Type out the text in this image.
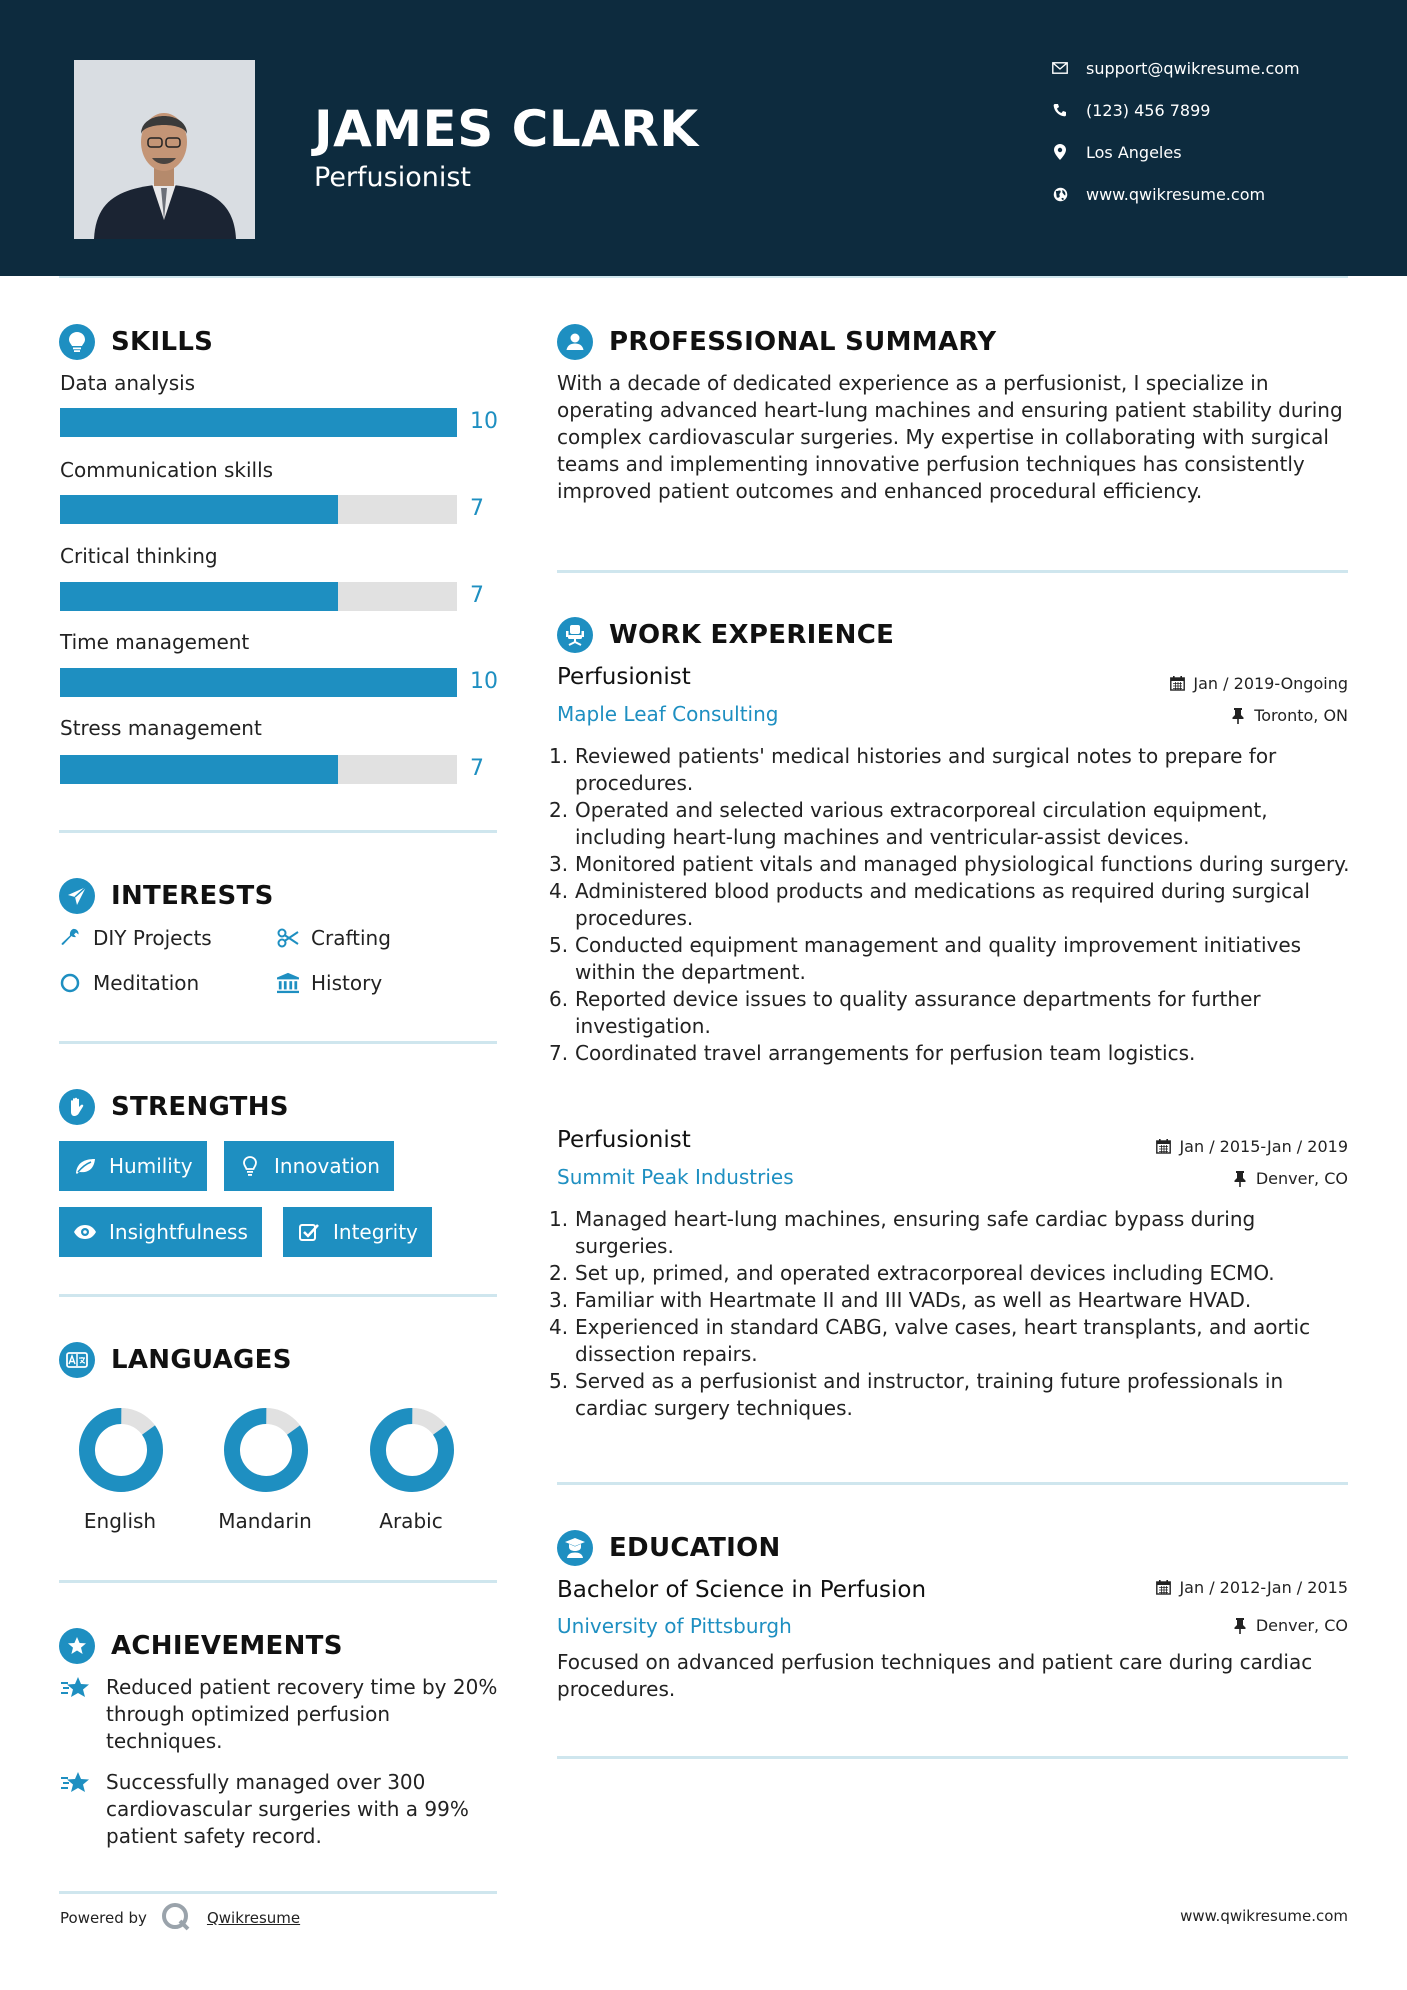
JAMES CLARK
Perfusionist
support@qwikresume.com
(123) 456 7899
Los Angeles
www.qwikresume.com
SKILLS
Data analysis
10
Communication skills
7
Critical thinking
7
Time management
10
Stress management
7
INTERESTS
DIY Projects	Crafting
Meditation	History
STRENGTHS
Humility	Innovation
Insightfulness	Integrity
LANGUAGES
English	Mandarin	Arabic
ACHIEVEMENTS
Reduced patient recovery time by 20% through optimized perfusion techniques.
Successfully managed over 300 cardiovascular surgeries with a 99% patient safety record.
PROFESSIONAL SUMMARY
With a decade of dedicated experience as a perfusionist, I specialize in operating advanced heart-lung machines and ensuring patient stability during complex cardiovascular surgeries. My expertise in collaborating with surgical teams and implementing innovative perfusion techniques has consistently improved patient outcomes and enhanced procedural efficiency.
WORK EXPERIENCE
Perfusionist	Jan / 2019-Ongoing
Maple Leaf Consulting	Toronto, ON
Reviewed patients' medical histories and surgical notes to prepare for procedures.
Operated and selected various extracorporeal circulation equipment, including heart-lung machines and ventricular-assist devices.
Monitored patient vitals and managed physiological functions during surgery.
Administered blood products and medications as required during surgical procedures.
Conducted equipment management and quality improvement initiatives within the department.
Reported device issues to quality assurance departments for further investigation.
Coordinated travel arrangements for perfusion team logistics.
Perfusionist	Jan / 2015-Jan / 2019
Summit Peak Industries	Denver, CO
Managed heart-lung machines, ensuring safe cardiac bypass during surgeries.
Set up, primed, and operated extracorporeal devices including ECMO.
Familiar with Heartmate II and III VADs, as well as Heartware HVAD.
Experienced in standard CABG, valve cases, heart transplants, and aortic dissection repairs.
Served as a perfusionist and instructor, training future professionals in cardiac surgery techniques.
EDUCATION
Bachelor of Science in Perfusion	Jan / 2012-Jan / 2015
University of Pittsburgh	Denver, CO
Focused on advanced perfusion techniques and patient care during cardiac procedures.
Powered by	Qwikresume	www.qwikresume.com
